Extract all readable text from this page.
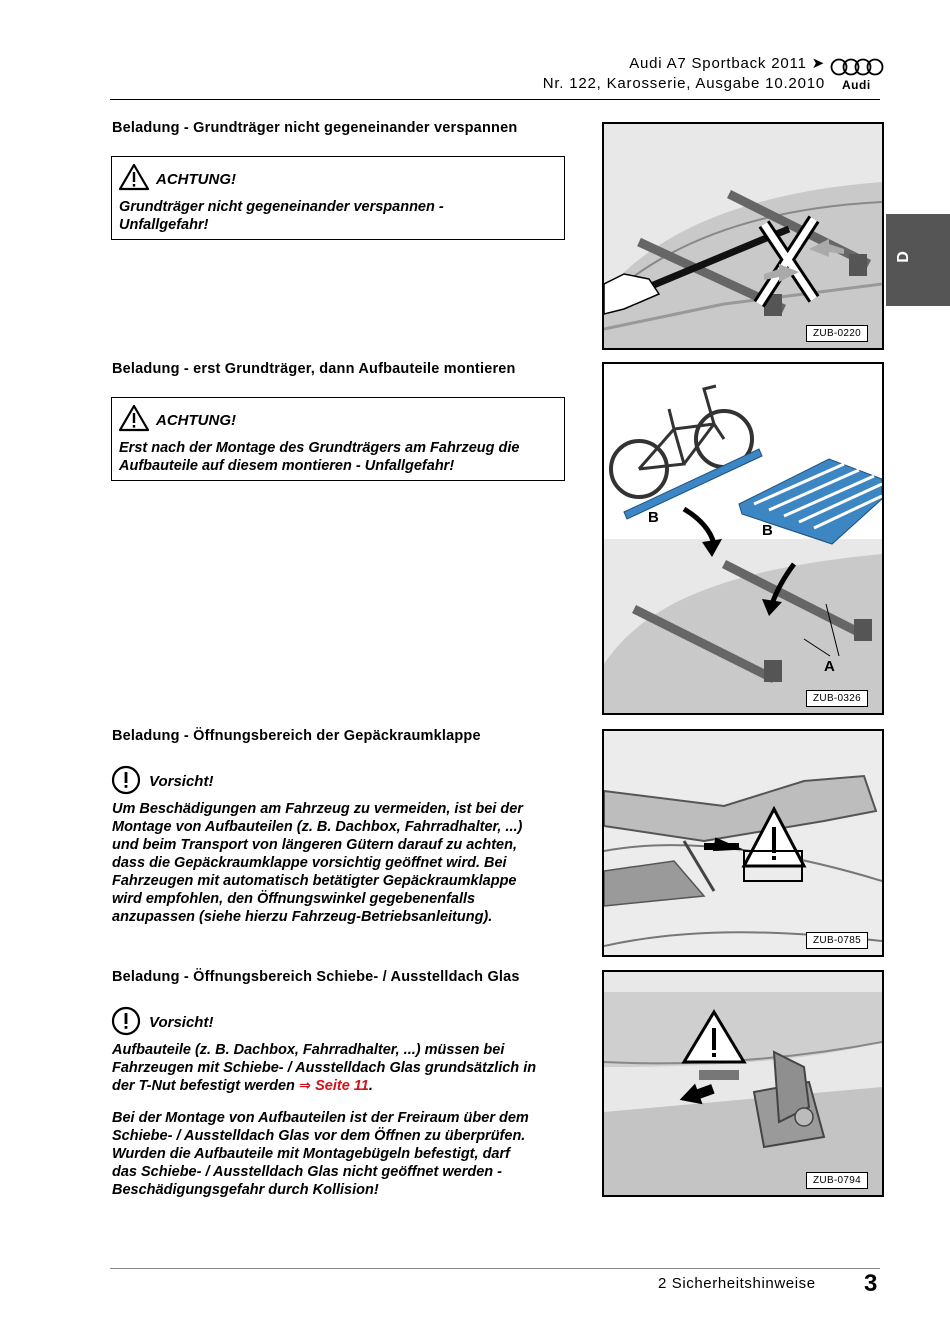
Audi A7 Sportback 2011 ➤
Nr. 122, Karosserie, Ausgabe 10.2010 Audi
D
Beladung - Grundträger nicht gegeneinander verspannen
ACHTUNG!
Grundträger nicht gegeneinander verspannen -
Unfallgefahr!
ZUB-0220
Beladung - erst Grundträger, dann Aufbauteile montieren
ACHTUNG!
Erst nach der Montage des Grundträgers am Fahrzeug die
Aufbauteile auf diesem montieren - Unfallgefahr!
B
B
A
ZUB-0326
Beladung - Öffnungsbereich der Gepäckraumklappe
Vorsicht!
Um Beschädigungen am Fahrzeug zu vermeiden, ist bei der
Montage von Aufbauteilen (z. B. Dachbox, Fahrradhalter, ...)
und beim Transport von längeren Gütern darauf zu achten,
dass die Gepäckraumklappe vorsichtig geöffnet wird. Bei
Fahrzeugen mit automatisch betätigter Gepäckraumklappe
wird empfohlen, den Öffnungswinkel gegebenenfalls
anzupassen (siehe hierzu Fahrzeug-Betriebsanleitung).
ZUB-0785
Beladung - Öffnungsbereich Schiebe- / Ausstelldach Glas
Vorsicht!
Aufbauteile (z. B. Dachbox, Fahrradhalter, ...) müssen bei
Fahrzeugen mit Schiebe- / Ausstelldach Glas grundsätzlich in
der T-Nut befestigt werden ⇒ Seite 11.
Bei der Montage von Aufbauteilen ist der Freiraum über dem
Schiebe- / Ausstelldach Glas vor dem Öffnen zu überprüfen.
Wurden die Aufbauteile mit Montagebügeln befestigt, darf
das Schiebe- / Ausstelldach Glas nicht geöffnet werden -
Beschädigungsgefahr durch Kollision!
ZUB-0794
2 Sicherheitshinweise 3
